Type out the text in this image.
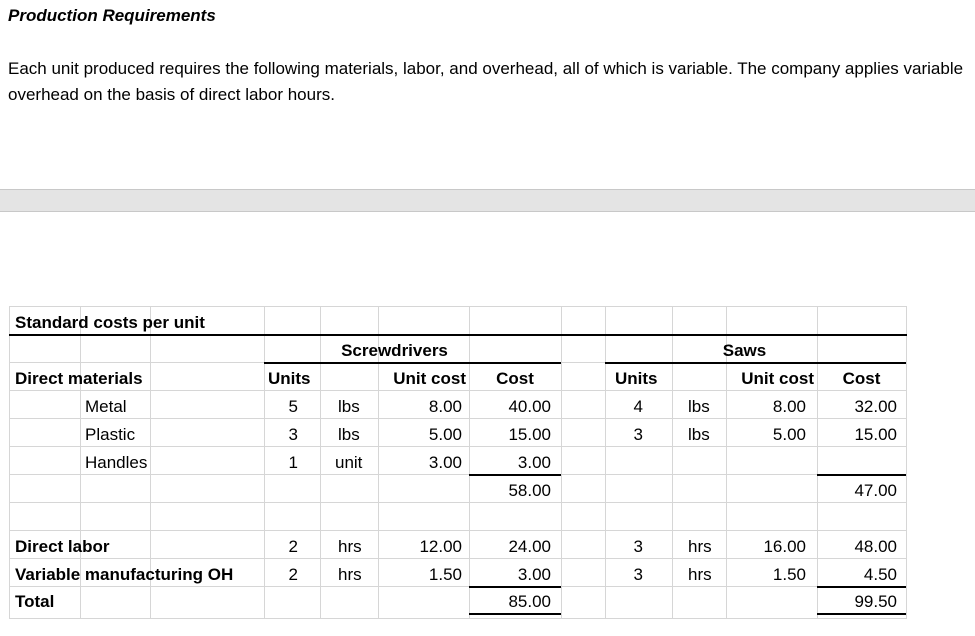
Production Requirements
Each unit produced requires the following materials, labor, and overhead, all of which is variable. The company applies variable overhead on the basis of direct labor hours.
Standard costs per unit
Screwdrivers	Saws
Direct materials	Units	Unit cost	Cost	Units	Unit cost	Cost
Metal	5 lbs	8.00	40.00	4	lbs	8.00	32.00
Plastic	3 lbs	5.00	15.00	3	lbs	5.00	15.00
Handles	1 unit	3.00	3.00
58.00	47.00
Direct labor	2 hrs	12.00	24.00	3	hrs	16.00	48.00
Variable manufacturing OH	2 hrs	1.50	3.00	3	hrs	1.50	4.50
Total	85.00	99.50
